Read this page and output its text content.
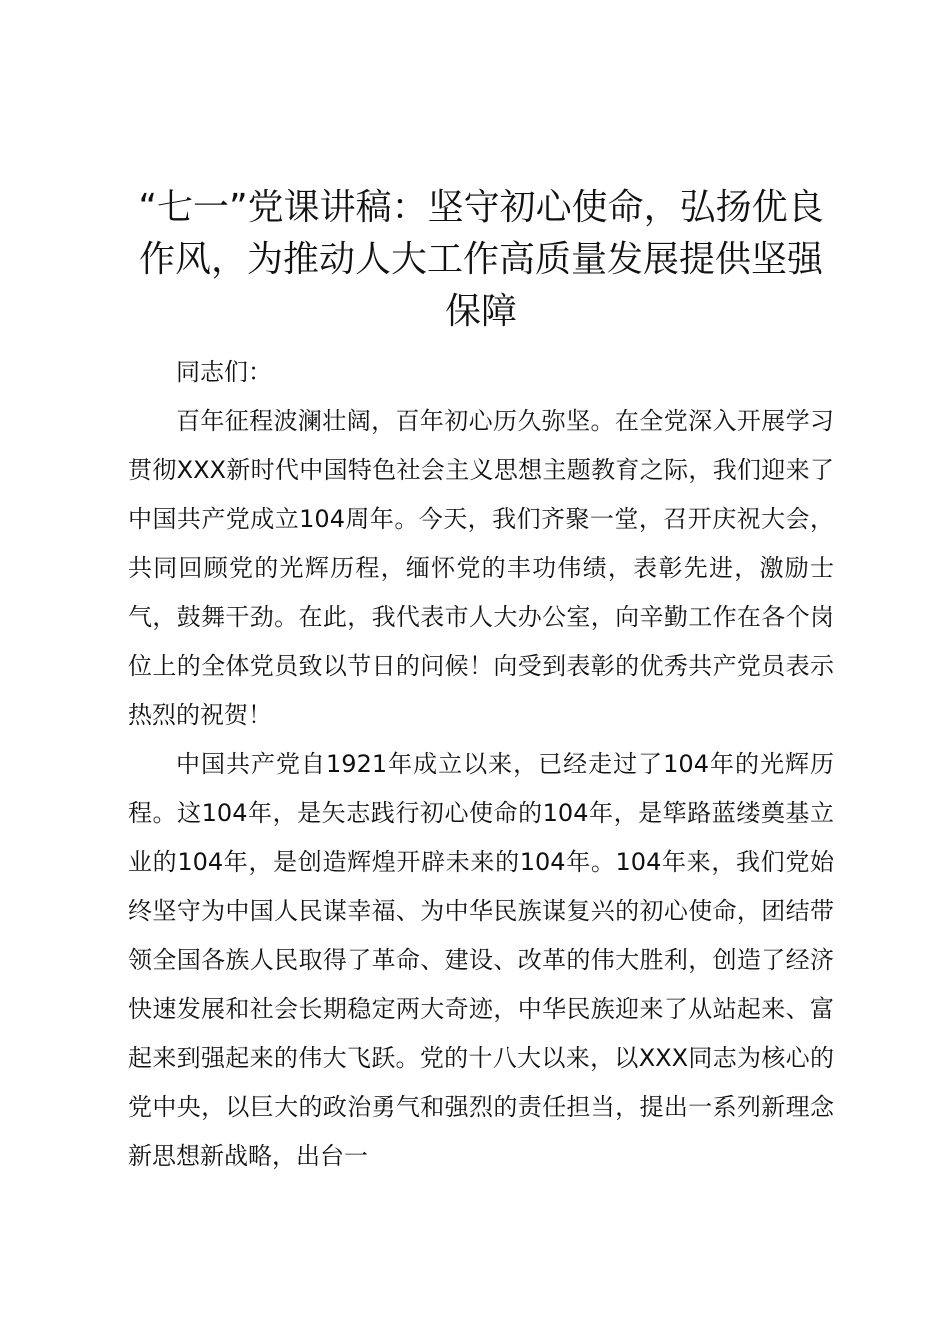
“七一”党课讲稿：坚守初心使命，弘扬优良作风，为推动人大工作高质量发展提供坚强保障

同志们：

百年征程波澜壮阔，百年初心历久弥坚。在全党深入开展学习贯彻XXX新时代中国特色社会主义思想主题教育之际，我们迎来了中国共产党成立104周年。今天，我们齐聚一堂，召开庆祝大会，共同回顾党的光辉历程，缅怀党的丰功伟绩，表彰先进，激励士气，鼓舞干劲。在此，我代表市人大办公室，向辛勤工作在各个岗位上的全体党员致以节日的问候！向受到表彰的优秀共产党员表示热烈的祝贺！

中国共产党自1921年成立以来，已经走过了104年的光辉历程。这104年，是矢志践行初心使命的104年，是筚路蓝缕奠基立业的104年，是创造辉煌开辟未来的104年。104年来，我们党始终坚守为中国人民谋幸福、为中华民族谋复兴的初心使命，团结带领全国各族人民取得了革命、建设、改革的伟大胜利，创造了经济快速发展和社会长期稳定两大奇迹，中华民族迎来了从站起来、富起来到强起来的伟大飞跃。党的十八大以来，以XXX同志为核心的党中央，以巨大的政治勇气和强烈的责任担当，提出一系列新理念新思想新战略，出台一
